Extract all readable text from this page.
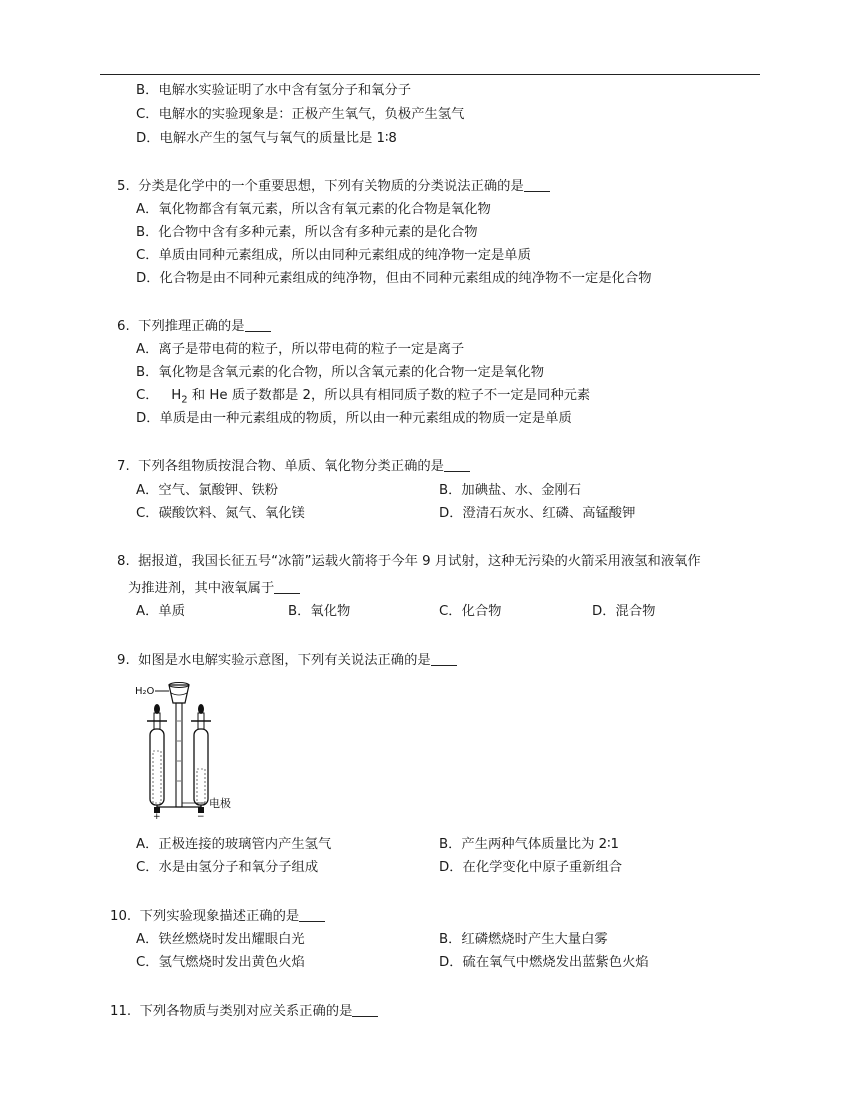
B．电解水实验证明了水中含有氢分子和氧分子
C．电解水的实验现象是：正极产生氧气，负极产生氢气
D．电解水产生的氢气与氧气的质量比是 1∶8
5. 分类是化学中的一个重要思想，下列有关物质的分类说法正确的是
A．氧化物都含有氧元素，所以含有氧元素的化合物是氧化物
B．化合物中含有多种元素，所以含有多种元素的是化合物
C．单质由同种元素组成，所以由同种元素组成的纯净物一定是单质
D．化合物是由不同种元素组成的纯净物，但由不同种元素组成的纯净物不一定是化合物
6. 下列推理正确的是
A．离子是带电荷的粒子，所以带电荷的粒子一定是离子
B．氧化物是含氧元素的化合物，所以含氧元素的化合物一定是氧化物
C． $H_2$ 和 He 质子数都是 2，所以具有相同质子数的粒子不一定是同种元素
D．单质是由一种元素组成的物质，所以由一种元素组成的物质一定是单质
7. 下列各组物质按混合物、单质、氧化物分类正确的是
A．空气、氯酸钾、铁粉	B．加碘盐、水、金刚石
C．碳酸饮料、氮气、氧化镁	D．澄清石灰水、红磷、高锰酸钾
8. 据报道，我国长征五号“冰箭”运载火箭将于今年 9 月试射，这种无污染的火箭采用液氢和液氧作
为推进剂，其中液氧属于
A．单质	B．氧化物	C．化合物	D．混合物
9. 如图是水电解实验示意图，下列有关说法正确的是
H₂O
+	−
电极
A．正极连接的玻璃管内产生氢气	B．产生两种气体质量比为 2∶1
C．水是由氢分子和氧分子组成	D．在化学变化中原子重新组合
10. 下列实验现象描述正确的是
A．铁丝燃烧时发出耀眼白光	B．红磷燃烧时产生大量白雾
C．氢气燃烧时发出黄色火焰	D．硫在氧气中燃烧发出蓝紫色火焰
11. 下列各物质与类别对应关系正确的是
